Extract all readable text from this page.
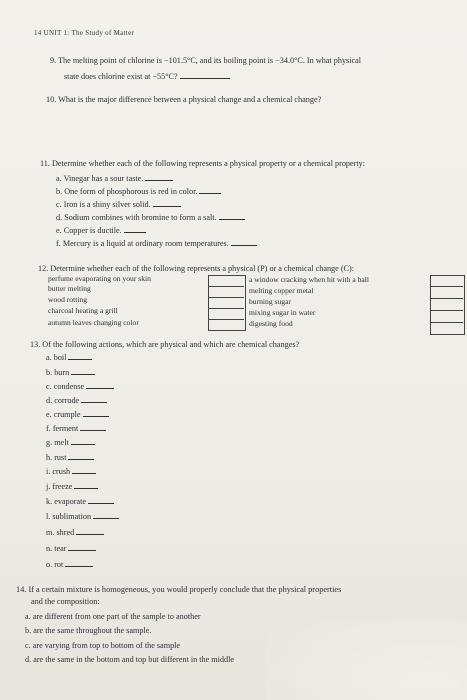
14 UNIT 1: The Study of Matter
9. The melting point of chlorine is −101.5°C, and its boiling point is −34.0°C. In what physical
state does chlorine exist at −55°C?
10. What is the major difference between a physical change and a chemical change?
11. Determine whether each of the following represents a physical property or a chemical property:
a. Vinegar has a sour taste.
b. One form of phosphorous is red in color.
c. Iron is a shiny silver solid.
d. Sodium combines with bromine to form a salt.
e. Copper is ductile.
f. Mercury is a liquid at ordinary room temperatures.
12. Determine whether each of the following represents a physical (P) or a chemical change (C):
perfume evaporating on your skin
butter melting
wood rotting
charcoal heating a grill
autumn leaves changing color
a window cracking when hit with a ball
melting copper metal
burning sugar
mixing sugar in water
digesting food
13. Of the following actions, which are physical and which are chemical changes?
a. boil
b. burn
c. condense
d. corrode
e. crumple
f. ferment
g. melt
h. rust
i. crush
j. freeze
k. evaporate
l. sublimation
m. shred
n. tear
o. rot
14. If a certain mixture is homogeneous, you would properly conclude that the physical properties
and the composition:
a. are different from one part of the sample to another
b. are the same throughout the sample.
c. are varying from top to bottom of the sample
d. are the same in the bottom and top but different in the middle
